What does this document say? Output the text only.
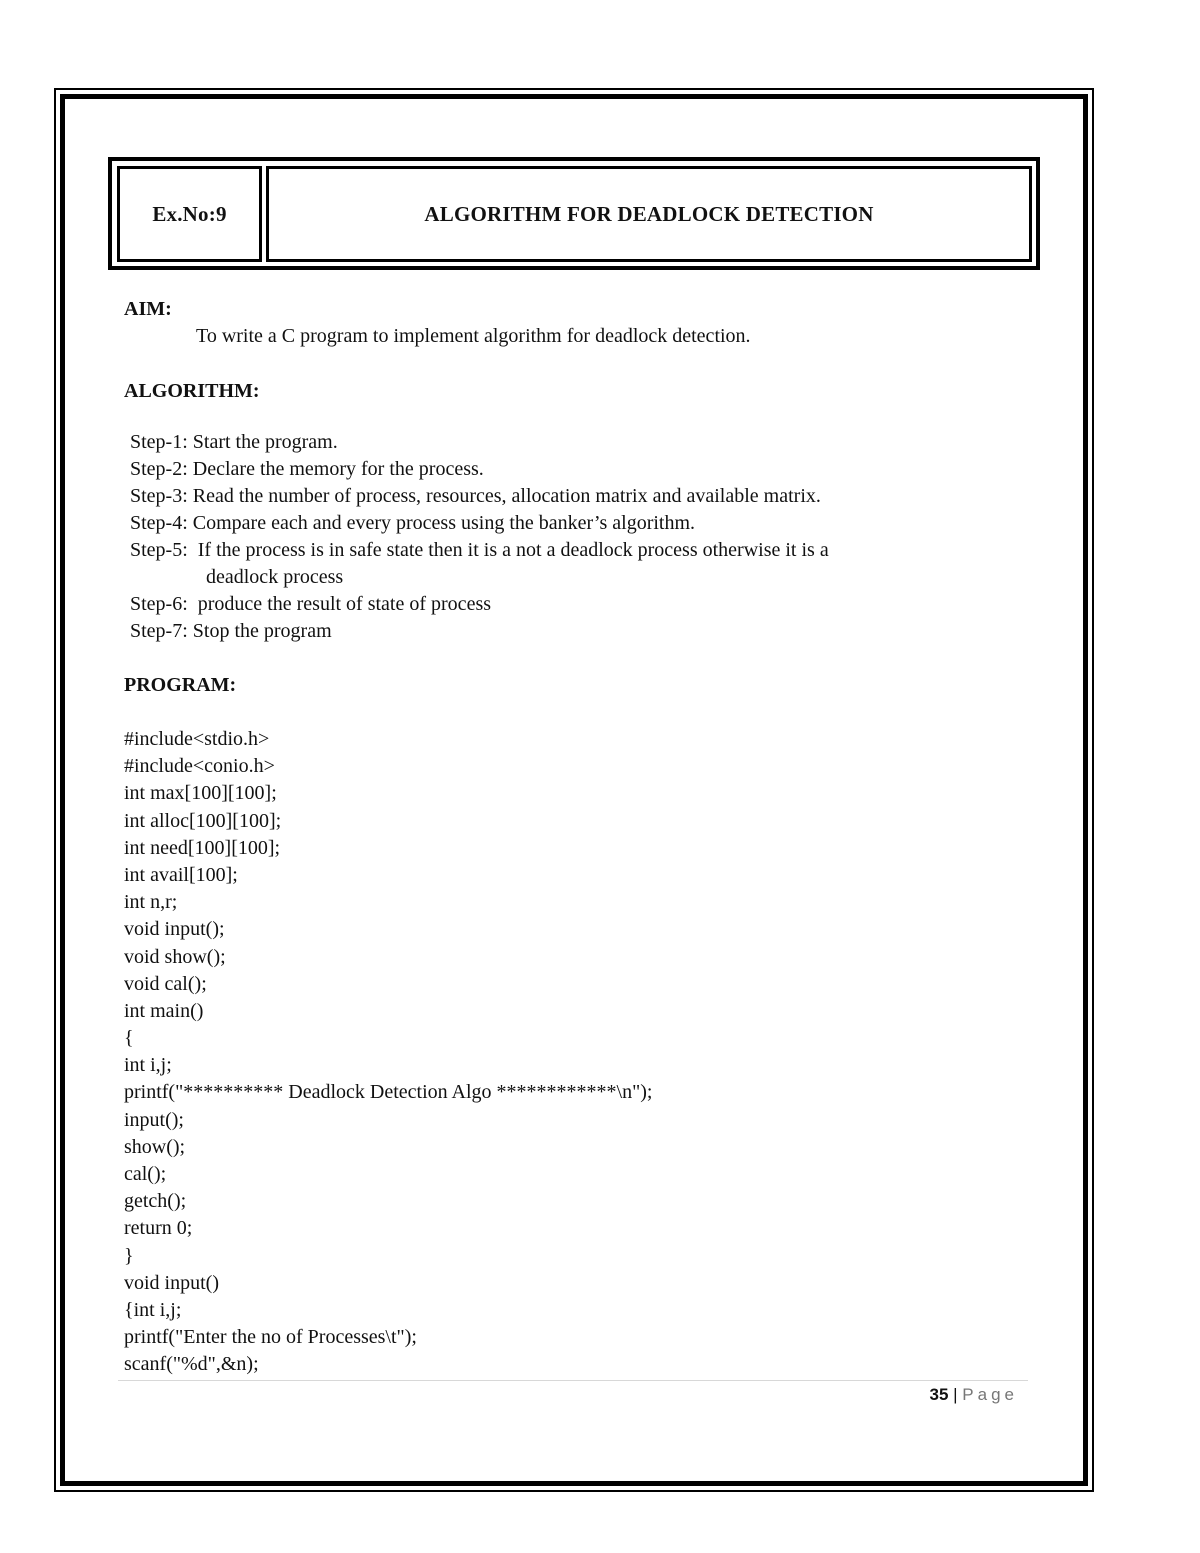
Ex.No:9	ALGORITHM FOR DEADLOCK DETECTION
AIM:
To write a C program to implement algorithm for deadlock detection.
ALGORITHM:
Step-1: Start the program.
Step-2: Declare the memory for the process.
Step-3: Read the number of process, resources, allocation matrix and available matrix.
Step-4: Compare each and every process using the banker’s algorithm.
Step-5:  If the process is in safe state then it is a not a deadlock process otherwise it is a
deadlock process
Step-6:  produce the result of state of process
Step-7: Stop the program
PROGRAM:
#include<stdio.h>
#include<conio.h>
int max[100][100];
int alloc[100][100];
int need[100][100];
int avail[100];
int n,r;
void input();
void show();
void cal();
int main()
{
int i,j;
printf("********** Deadlock Detection Algo ************\n");
input();
show();
cal();
getch();
return 0;
}
void input()
{int i,j;
printf("Enter the no of Processes\t");
scanf("%d",&n);
35 | Page
